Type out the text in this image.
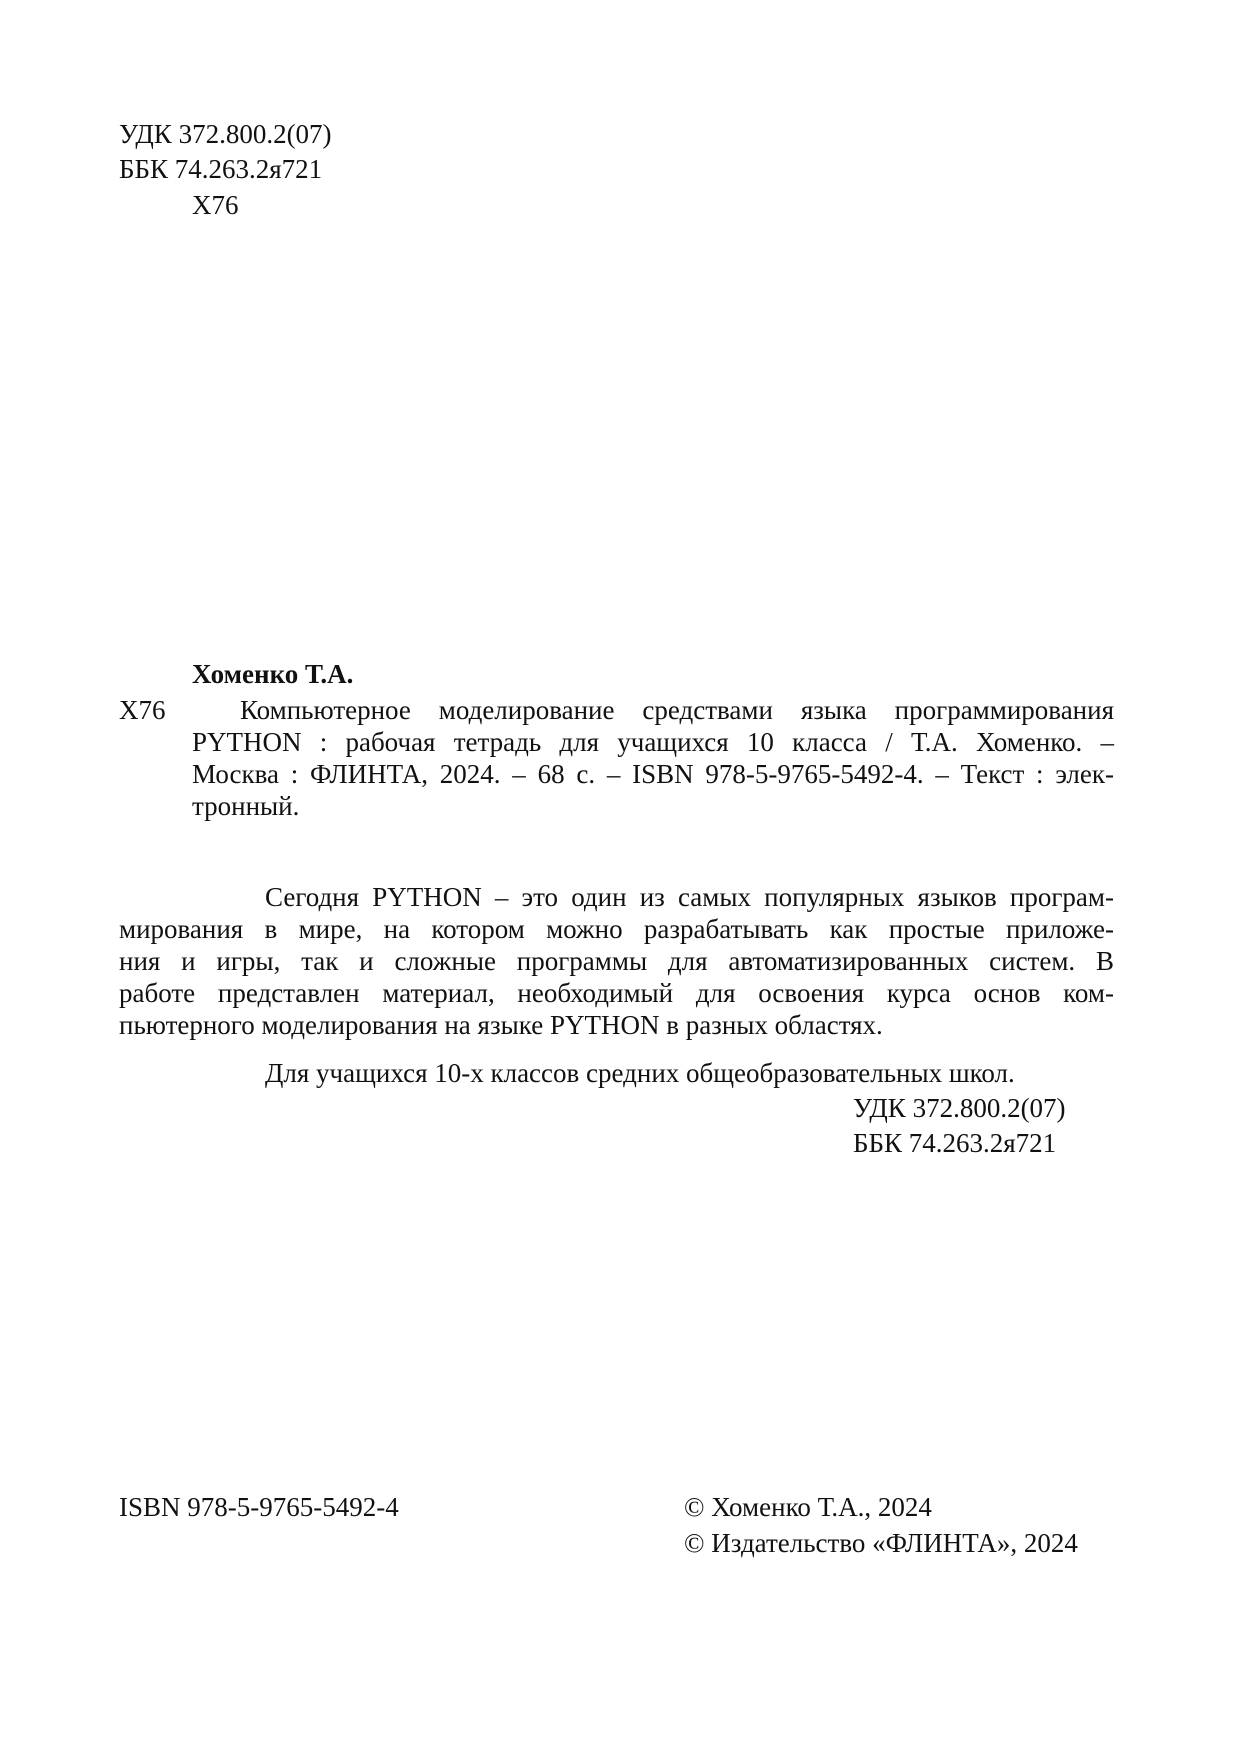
УДК 372.800.2(07)
ББК 74.263.2я721
Х76
Хоменко Т.А.
Х76	Компьютерное моделирование средствами языка программирования
PYTHON : рабочая тетрадь для учащихся 10 класса / Т.А. Хоменко. –
Москва : ФЛИНТА, 2024. – 68 с. – ISBN 978-5-9765-5492-4. – Текст : элек-
тронный.
Сегодня PYTHON – это один из самых популярных языков програм-
мирования в мире, на котором можно разрабатывать как простые приложе-
ния и игры, так и сложные программы для автоматизированных систем. В
работе представлен материал, необходимый для освоения курса основ ком-
пьютерного моделирования на языке PYTHON в разных областях.
Для учащихся 10-х классов средних общеобразовательных школ.
УДК 372.800.2(07)
ББК 74.263.2я721
ISBN 978-5-9765-5492-4	© Хоменко Т.А., 2024
© Издательство «ФЛИНТА», 2024
